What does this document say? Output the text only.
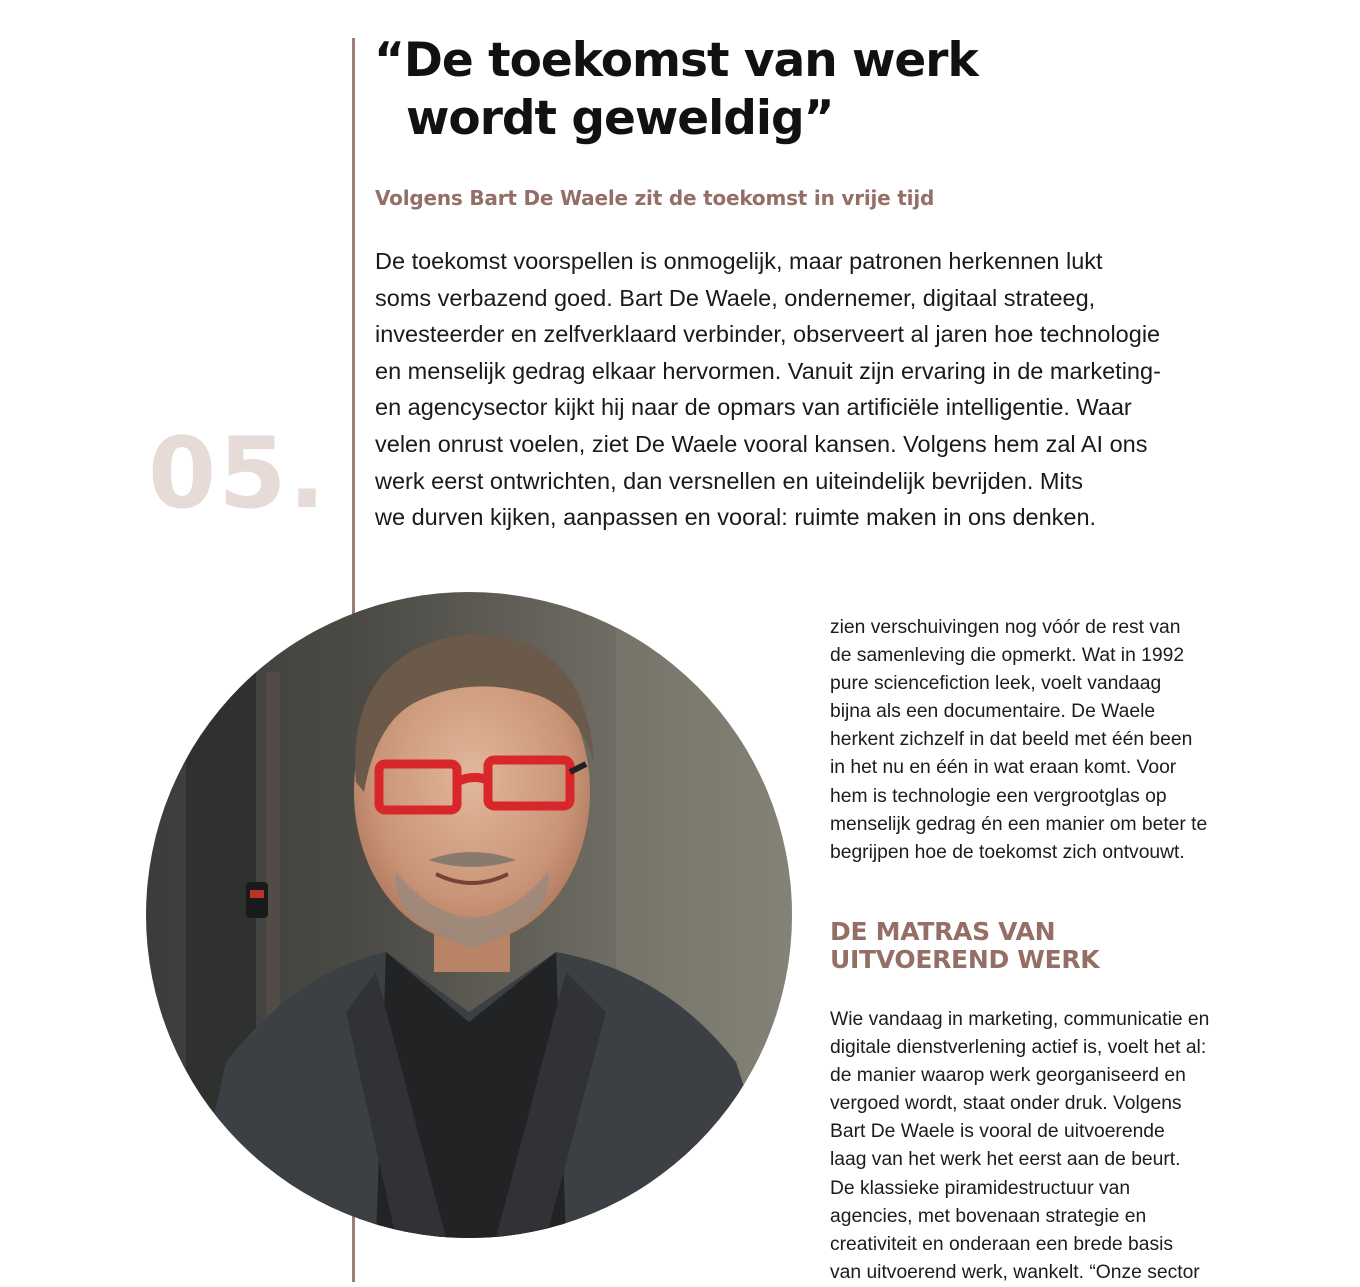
05.
“De toekomst van werk
wordt geweldig”

Volgens Bart De Waele zit de toekomst in vrije tijd

De toekomst voorspellen is onmogelijk, maar patronen herkennen lukt
soms verbazend goed. Bart De Waele, ondernemer, digitaal strateeg,
investeerder en zelfverklaard verbinder, observeert al jaren hoe technologie
en menselijk gedrag elkaar hervormen. Vanuit zijn ervaring in de marketing-
en agencysector kijkt hij naar de opmars van artificiële intelligentie. Waar
velen onrust voelen, ziet De Waele vooral kansen. Volgens hem zal AI ons
werk eerst ontwrichten, dan versnellen en uiteindelijk bevrijden. Mits
we durven kijken, aanpassen en vooral: ruimte maken in ons denken.

zien verschuivingen nog vóór de rest van
de samenleving die opmerkt. Wat in 1992
pure sciencefiction leek, voelt vandaag
bijna als een documentaire. De Waele
herkent zichzelf in dat beeld met één been
in het nu en één in wat eraan komt. Voor
hem is technologie een vergrootglas op
menselijk gedrag én een manier om beter te
begrijpen hoe de toekomst zich ontvouwt.
DE MATRAS VAN
UITVOEREND WERK
Wie vandaag in marketing, communicatie en
digitale dienstverlening actief is, voelt het al:
de manier waarop werk georganiseerd en
vergoed wordt, staat onder druk. Volgens
Bart De Waele is vooral de uitvoerende
laag van het werk het eerst aan de beurt.
De klassieke piramidestructuur van
agencies, met bovenaan strategie en
creativiteit en onderaan een brede basis
van uitvoerend werk, wankelt. “Onze sector
